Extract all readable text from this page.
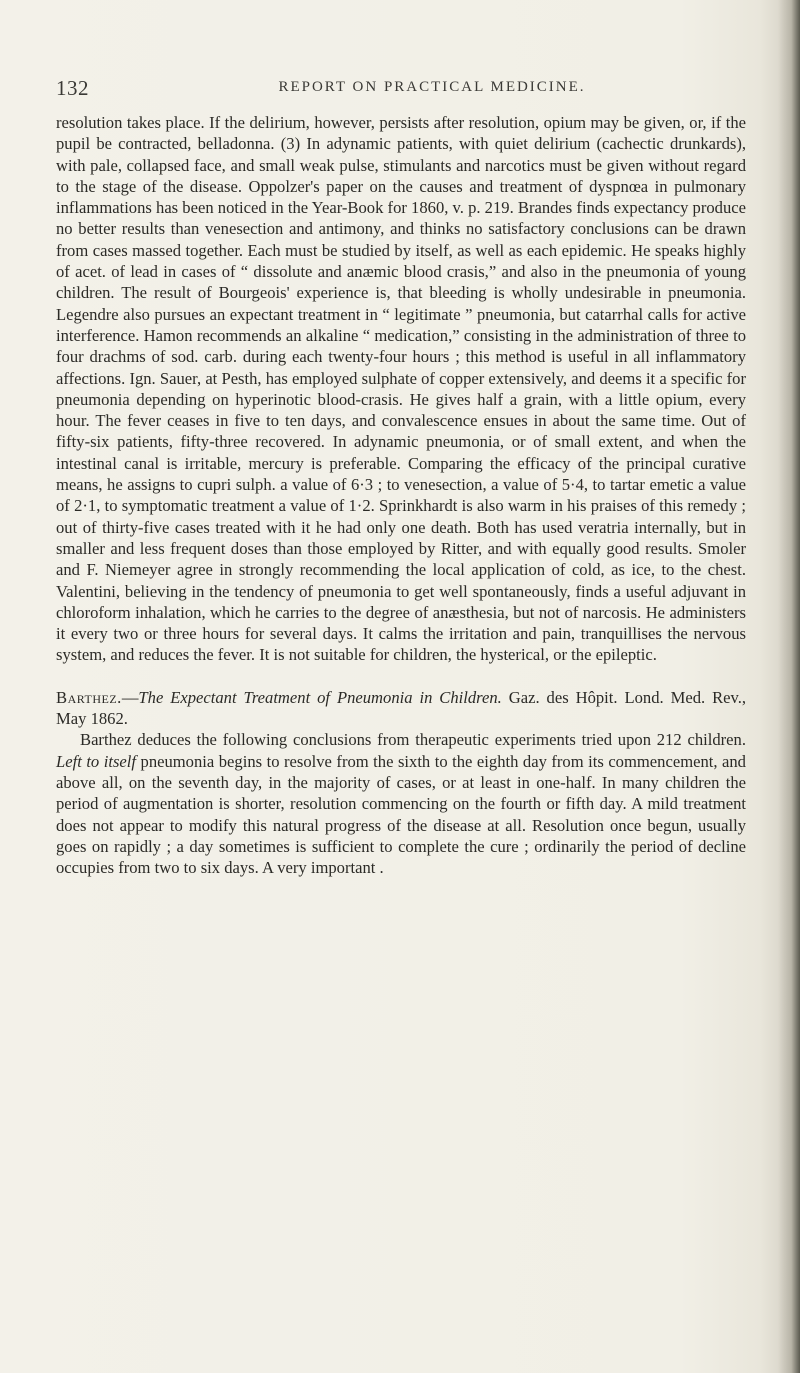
132	REPORT ON PRACTICAL MEDICINE.

resolution takes place. If the delirium, however, persists after resolution, opium may be given, or, if the pupil be contracted, belladonna. (3) In adynamic patients, with quiet delirium (cachectic drunkards), with pale, collapsed face, and small weak pulse, stimulants and narcotics must be given without regard to the stage of the disease. Oppolzer's paper on the causes and treatment of dyspnœa in pulmonary inflammations has been noticed in the Year-Book for 1860, v. p. 219. Brandes finds expectancy produce no better results than venesection and antimony, and thinks no satisfactory conclusions can be drawn from cases massed together. Each must be studied by itself, as well as each epidemic. He speaks highly of acet. of lead in cases of “ dissolute and anæmic blood crasis,” and also in the pneumonia of young children. The result of Bourgeois' experience is, that bleeding is wholly undesirable in pneumonia. Legendre also pursues an expectant treatment in “ legitimate ” pneumonia, but catarrhal calls for active interference. Hamon recommends an alkaline “ medication,” consisting in the administration of three to four drachms of sod. carb. during each twenty-four hours ; this method is useful in all inflammatory affections. Ign. Sauer, at Pesth, has employed sulphate of copper extensively, and deems it a specific for pneumonia depending on hyperinotic blood-crasis. He gives half a grain, with a little opium, every hour. The fever ceases in five to ten days, and convalescence ensues in about the same time. Out of fifty-six patients, fifty-three recovered. In adynamic pneumonia, or of small extent, and when the intestinal canal is irritable, mercury is preferable. Comparing the efficacy of the principal curative means, he assigns to cupri sulph. a value of 6·3 ; to venesection, a value of 5·4, to tartar emetic a value of 2·1, to symptomatic treatment a value of 1·2. Sprinkhardt is also warm in his praises of this remedy ; out of thirty-five cases treated with it he had only one death. Both has used veratria internally, but in smaller and less frequent doses than those employed by Ritter, and with equally good results. Smoler and F. Niemeyer agree in strongly recommending the local application of cold, as ice, to the chest. Valentini, believing in the tendency of pneumonia to get well spontaneously, finds a useful adjuvant in chloroform inhalation, which he carries to the degree of anæsthesia, but not of narcosis. He administers it every two or three hours for several days. It calms the irritation and pain, tranquillises the nervous system, and reduces the fever. It is not suitable for children, the hysterical, or the epileptic.

Barthez.—The Expectant Treatment of Pneumonia in Children. Gaz. des Hôpit. Lond. Med. Rev., May 1862.

Barthez deduces the following conclusions from therapeutic experiments tried upon 212 children. Left to itself pneumonia begins to resolve from the sixth to the eighth day from its commencement, and above all, on the seventh day, in the majority of cases, or at least in one-half. In many children the period of augmentation is shorter, resolution commencing on the fourth or fifth day. A mild treatment does not appear to modify this natural progress of the disease at all. Resolution once begun, usually goes on rapidly ; a day sometimes is sufficient to complete the cure ; ordinarily the period of decline occupies from two to six days. A very important .
